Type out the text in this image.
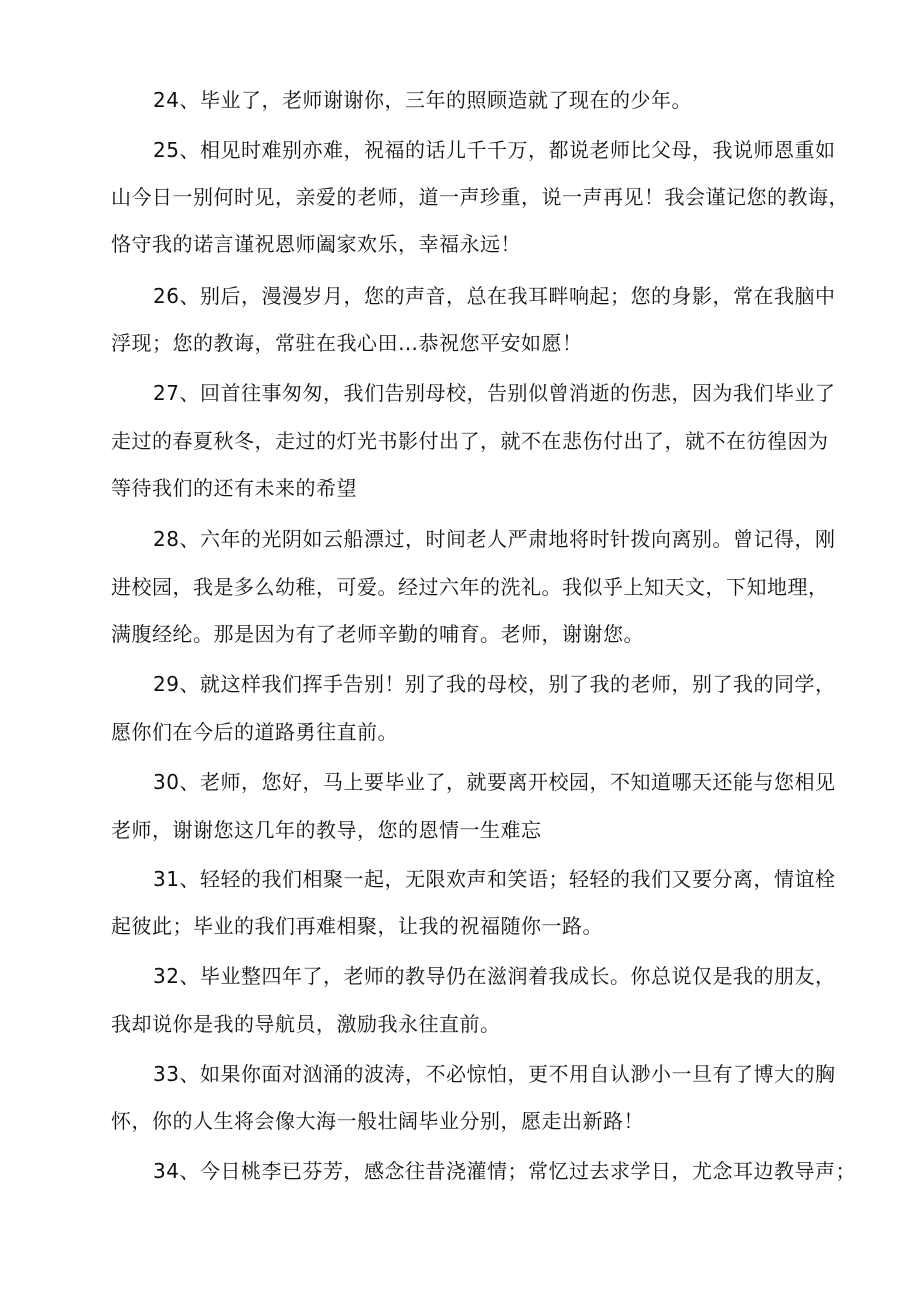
24、毕业了，老师谢谢你，三年的照顾造就了现在的少年。
25、相见时难别亦难，祝福的话儿千千万，都说老师比父母，我说师恩重如
山今日一别何时见，亲爱的老师，道一声珍重，说一声再见！我会谨记您的教诲，
恪守我的诺言谨祝恩师阖家欢乐，幸福永远！
26、别后，漫漫岁月，您的声音，总在我耳畔响起；您的身影，常在我脑中
浮现；您的教诲，常驻在我心田…恭祝您平安如愿！
27、回首往事匆匆，我们告别母校，告别似曾消逝的伤悲，因为我们毕业了
走过的春夏秋冬，走过的灯光书影付出了，就不在悲伤付出了，就不在彷徨因为
等待我们的还有未来的希望
28、六年的光阴如云船漂过，时间老人严肃地将时针拨向离别。曾记得，刚
进校园，我是多么幼稚，可爱。经过六年的洗礼。我似乎上知天文，下知地理，
满腹经纶。那是因为有了老师辛勤的哺育。老师，谢谢您。
29、就这样我们挥手告别！别了我的母校，别了我的老师，别了我的同学，
愿你们在今后的道路勇往直前。
30、老师，您好，马上要毕业了，就要离开校园，不知道哪天还能与您相见
老师，谢谢您这几年的教导，您的恩情一生难忘
31、轻轻的我们相聚一起，无限欢声和笑语；轻轻的我们又要分离，情谊栓
起彼此；毕业的我们再难相聚，让我的祝福随你一路。
32、毕业整四年了，老师的教导仍在滋润着我成长。你总说仅是我的朋友，
我却说你是我的导航员，激励我永往直前。
33、如果你面对汹涌的波涛，不必惊怕，更不用自认渺小一旦有了博大的胸
怀，你的人生将会像大海一般壮阔毕业分别，愿走出新路！
34、今日桃李已芬芳，感念往昔浇灌情；常忆过去求学日，尤念耳边教导声；
